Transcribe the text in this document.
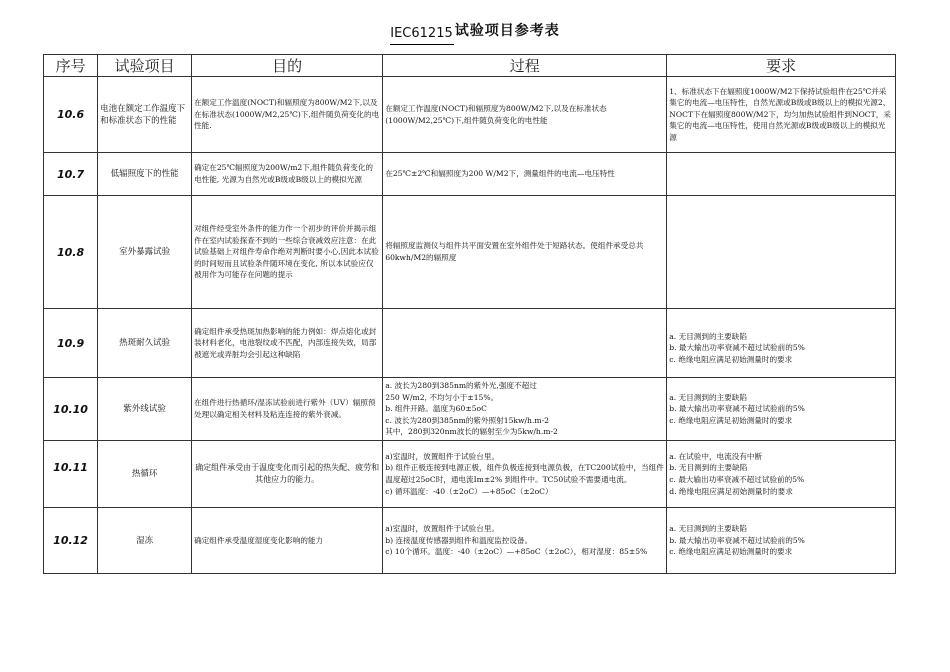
IEC61215 试验项目参考表
序号	试验项目	目的	过程	要求
10.6	电池在额定工作温度下和标准状态下的性能	在额定工作温度(NOCT)和辐照度为800W/M2下,以及在标准状态(1000W/M2,25℃)下,组件随负荷变化的电性能.	在额定工作温度(NOCT)和辐照度为800W/M2下,以及在标准状态(1000W/M2,25℃)下,组件随负荷变化的电性能	1、标准状态下在辐照度1000W/M2下保持试验组件在25℃并采集它的电流—电压特性，自然光源或B级或B级以上的模拟光源2、NOCT下在辐照度800W/M2下，均匀加热试验组件到NOCT，采集它的电流—电压特性，使用自然光源或B级或B级以上的模拟光源
10.7	低辐照度下的性能	确定在25℃辐照度为200W/m2下,组件随负荷变化的电性能, 光源为自然光或B级或B级以上的模拟光源	在25℃±2℃和辐照度为200 W/M2下，测量组件的电流—电压特性	
10.8	室外暴露试验	对组件经受室外条件的能力作一个初步的评价并揭示组件在室内试验探查不到的一些综合衰减效应注意：在此试验基础上对组件寿命作绝对判断时要小心,因此本试验的时间短而且试验条件随环境在变化, 所以本试验应仅被用作为可能存在问题的提示	将辐照度监测仪与组件共平面安置在室外组件处于短路状态。使组件承受总共60kwh/M2的辐照度	
10.9	热斑耐久试验	确定组件承受热斑加热影响的能力例如：焊点熔化或封装材料老化，电池裂纹或不匹配，内部连接失效，局部被遮光或弄脏均会引起这种缺陷		a. 无目测到的主要缺陷
b. 最大输出功率衰减不超过试验前的5%
c. 绝缘电阻应满足初始测量时的要求

10.10	紫外线试验	在组件进行热循环/湿冻试验前进行紫外（UV）辐照预处理以确定相关材料及粘连连接的紫外衰减。	a. 波长为280到385nm的紫外光,强度不超过
250 W/m2, 不均匀小于±15%。
b. 组件开路。温度为60±5oC
c. 波长为280到385nm的紫外照射15kw/h.m-2
其中，280到320nm波长的辐射至少为5kw/h.m-2	a. 无目测到的主要缺陷
b. 最大输出功率衰减不超过试验前的5%
c. 绝缘电阻应满足初始测量时的要求

10.11	热循环	确定组件承受由于温度变化而引起的热失配、疲劳和其他应力的能力。	a)室温时，放置组件于试验台里。
b) 组件正极连接到电源正极，组件负极连接到电源负极，在TC200试验中，当组件温度超过25oC时，通电流Im±2% 到组件中。TC50试验不需要通电流。
c) 循环温度：-40（±2oC）—+85oC（±2oC）	a. 在试验中，电流没有中断
b. 无目测到的主要缺陷
c. 最大输出功率衰减不超过试验前的5%
d. 绝缘电阻应满足初始测量时的要求

10.12	湿冻	确定组件承受温度湿度变化影响的能力	a)室温时，放置组件于试验台里。
b) 连接温度传感器到组件和温度监控设备。
c) 10个循环。温度：-40（±2oC）—+85oC（±2oC），相对湿度：85±5%	a. 无目测到的主要缺陷
b. 最大输出功率衰减不超过试验前的5%
c. 绝缘电阻应满足初始测量时的要求
